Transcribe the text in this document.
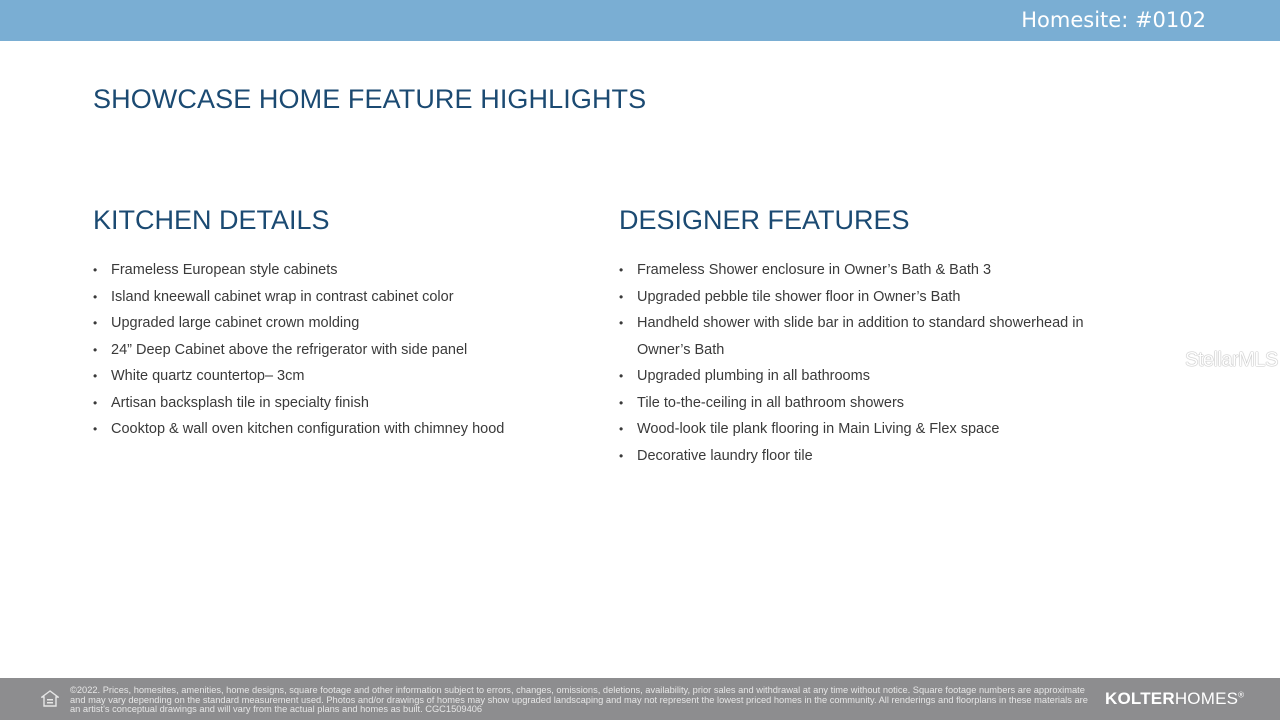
Homesite: #0102
SHOWCASE HOME FEATURE HIGHLIGHTS
KITCHEN DETAILS
• Frameless European style cabinets
• Island kneewall cabinet wrap in contrast cabinet color
• Upgraded large cabinet crown molding
• 24” Deep Cabinet above the refrigerator with side panel
• White quartz countertop– 3cm
• Artisan backsplash tile in specialty finish
• Cooktop & wall oven kitchen configuration with chimney hood
DESIGNER FEATURES
• Frameless Shower enclosure in Owner’s Bath & Bath 3
• Upgraded pebble tile shower floor in Owner’s Bath
• Handheld shower with slide bar in addition to standard showerhead in Owner’s Bath
• Upgraded plumbing in all bathrooms
• Tile to-the-ceiling in all bathroom showers
• Wood-look tile plank flooring in Main Living & Flex space
• Decorative laundry floor tile
StellarMLS
©2022. Prices, homesites, amenities, home designs, square footage and other information subject to errors, changes, omissions, deletions, availability, prior sales and withdrawal at any time without notice. Square footage numbers are approximate and may vary depending on the standard measurement used. Photos and/or drawings of homes may show upgraded landscaping and may not represent the lowest priced homes in the community. All renderings and floorplans in these materials are an artist's conceptual drawings and will vary from the actual plans and homes as built. CGC1509406
KOLTERHOMES®
